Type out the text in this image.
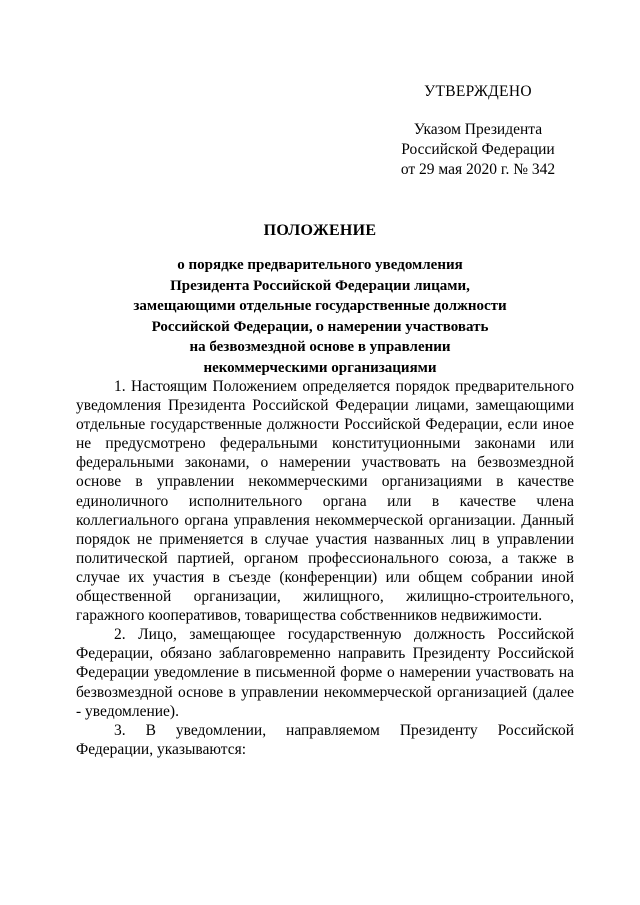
УТВЕРЖДЕНО
Указом Президента
Российской Федерации
от 29 мая 2020 г. № 342
ПОЛОЖЕНИЕ
о порядке предварительного уведомления
Президента Российской Федерации лицами,
замещающими отдельные государственные должности
Российской Федерации, о намерении участвовать
на безвозмездной основе в управлении
некоммерческими организациями

1. Настоящим Положением определяется порядок предварительного уведомления Президента Российской Федерации лицами, замещающими отдельные государственные должности Российской Федерации, если иное не предусмотрено федеральными конституционными законами или федеральными законами, о намерении участвовать на безвозмездной основе в управлении некоммерческими организациями в качестве единоличного исполнительного органа или в качестве члена коллегиального органа управления некоммерческой организации. Данный порядок не применяется в случае участия названных лиц в управлении политической партией, органом профессионального союза, а также в случае их участия в съезде (конференции) или общем собрании иной общественной организации, жилищного, жилищно-строительного, гаражного кооперативов, товарищества собственников недвижимости.

2. Лицо, замещающее государственную должность Российской Федерации, обязано заблаговременно направить Президенту Российской Федерации уведомление в письменной форме о намерении участвовать на безвозмездной основе в управлении некоммерческой организацией (далее - уведомление).

3. В уведомлении, направляемом Президенту Российской Федерации, указываются:
